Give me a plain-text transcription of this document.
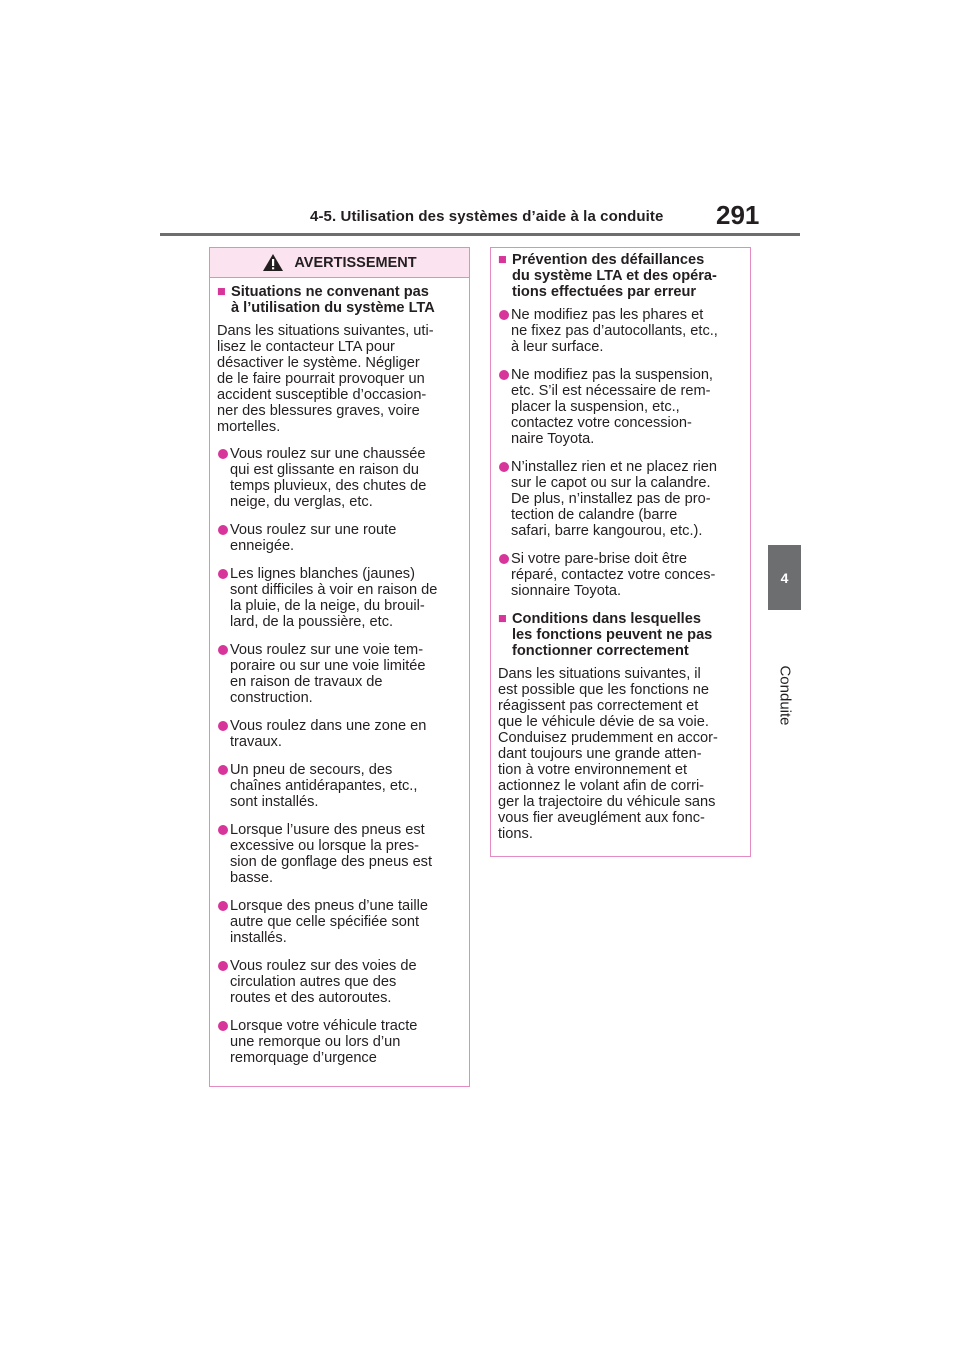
4-5. Utilisation des systèmes d’aide à la conduite 291
4
Conduite
AVERTISSEMENT
■ Situations ne convenant pas
à l’utilisation du système LTA
Dans les situations suivantes, uti-
lisez le contacteur LTA pour
désactiver le système. Négliger
de le faire pourrait provoquer un
accident susceptible d’occasion-
ner des blessures graves, voire
mortelles.
Vous roulez sur une chaussée
qui est glissante en raison du
temps pluvieux, des chutes de
neige, du verglas, etc.
Vous roulez sur une route
enneigée.
Les lignes blanches (jaunes)
sont difficiles à voir en raison de
la pluie, de la neige, du brouil-
lard, de la poussière, etc.
Vous roulez sur une voie tem-
poraire ou sur une voie limitée
en raison de travaux de
construction.
Vous roulez dans une zone en
travaux.
Un pneu de secours, des
chaînes antidérapantes, etc.,
sont installés.
Lorsque l’usure des pneus est
excessive ou lorsque la pres-
sion de gonflage des pneus est
basse.
Lorsque des pneus d’une taille
autre que celle spécifiée sont
installés.
Vous roulez sur des voies de
circulation autres que des
routes et des autoroutes.
Lorsque votre véhicule tracte
une remorque ou lors d’un
remorquage d’urgence
■ Prévention des défaillances
du système LTA et des opéra-
tions effectuées par erreur
Ne modifiez pas les phares et
ne fixez pas d’autocollants, etc.,
à leur surface.
Ne modifiez pas la suspension,
etc. S’il est nécessaire de rem-
placer la suspension, etc.,
contactez votre concession-
naire Toyota.
N’installez rien et ne placez rien
sur le capot ou sur la calandre.
De plus, n’installez pas de pro-
tection de calandre (barre
safari, barre kangourou, etc.).
Si votre pare-brise doit être
réparé, contactez votre conces-
sionnaire Toyota.
■ Conditions dans lesquelles
les fonctions peuvent ne pas
fonctionner correctement
Dans les situations suivantes, il
est possible que les fonctions ne
réagissent pas correctement et
que le véhicule dévie de sa voie.
Conduisez prudemment en accor-
dant toujours une grande atten-
tion à votre environnement et
actionnez le volant afin de corri-
ger la trajectoire du véhicule sans
vous fier aveuglément aux fonc-
tions.
